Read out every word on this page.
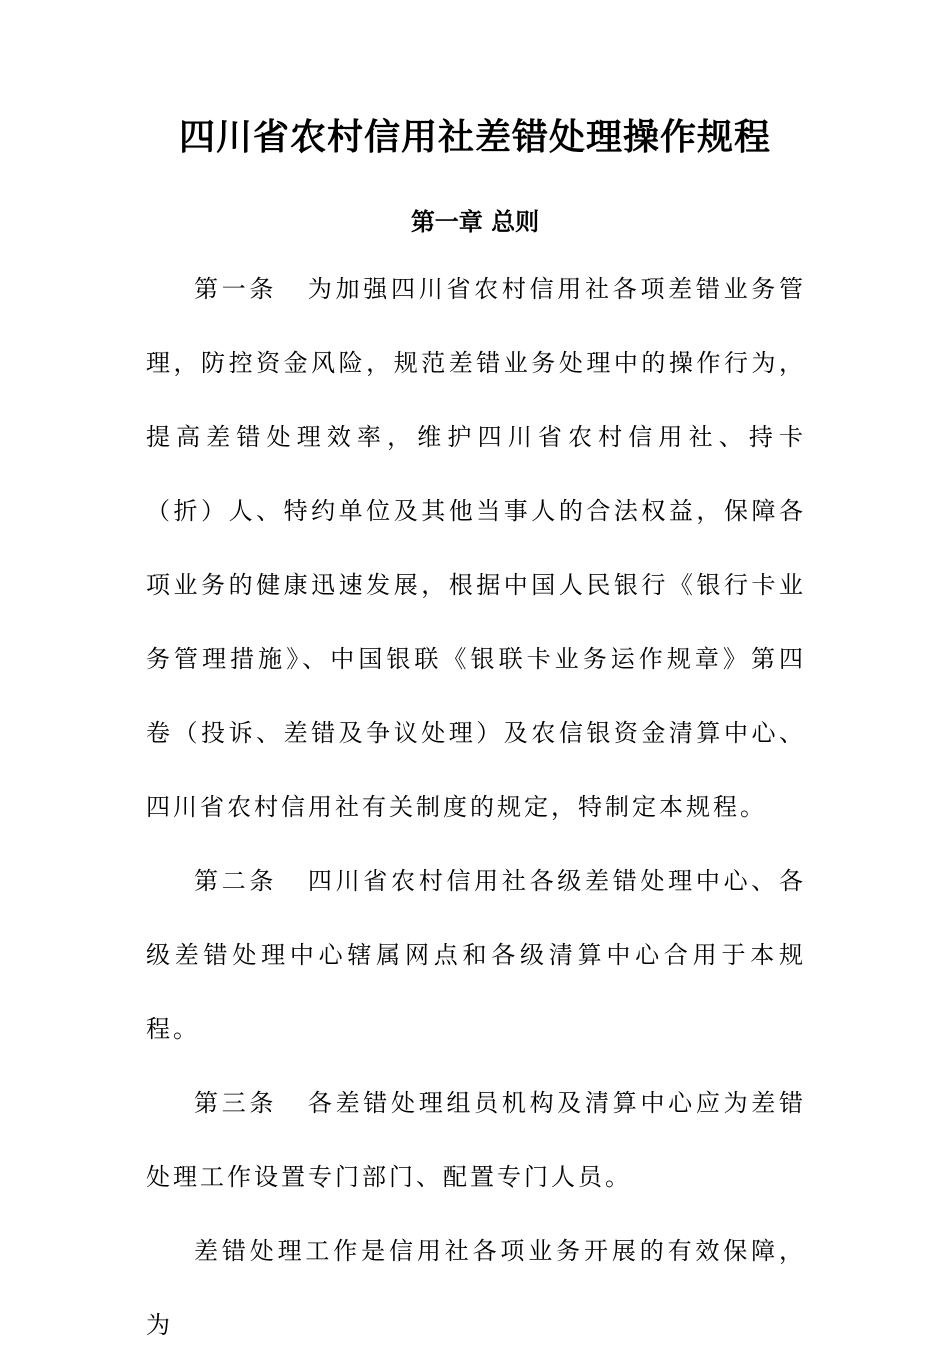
四川省农村信用社差错处理操作规程
第一章 总则

第一条 为加强四川省农村信用社各项差错业务管理，防控资金风险，规范差错业务处理中的操作行为，提高差错处理效率，维护四川省农村信用社、持卡（折）人、特约单位及其他当事人的合法权益，保障各项业务的健康迅速发展，根据中国人民银行《银行卡业务管理措施》、中国银联《银联卡业务运作规章》第四卷（投诉、差错及争议处理）及农信银资金清算中心、四川省农村信用社有关制度的规定，特制定本规程。

第二条 四川省农村信用社各级差错处理中心、各级差错处理中心辖属网点和各级清算中心合用于本规程。

第三条 各差错处理组员机构及清算中心应为差错处理工作设置专门部门、配置专门人员。

差错处理工作是信用社各项业务开展的有效保障，为
